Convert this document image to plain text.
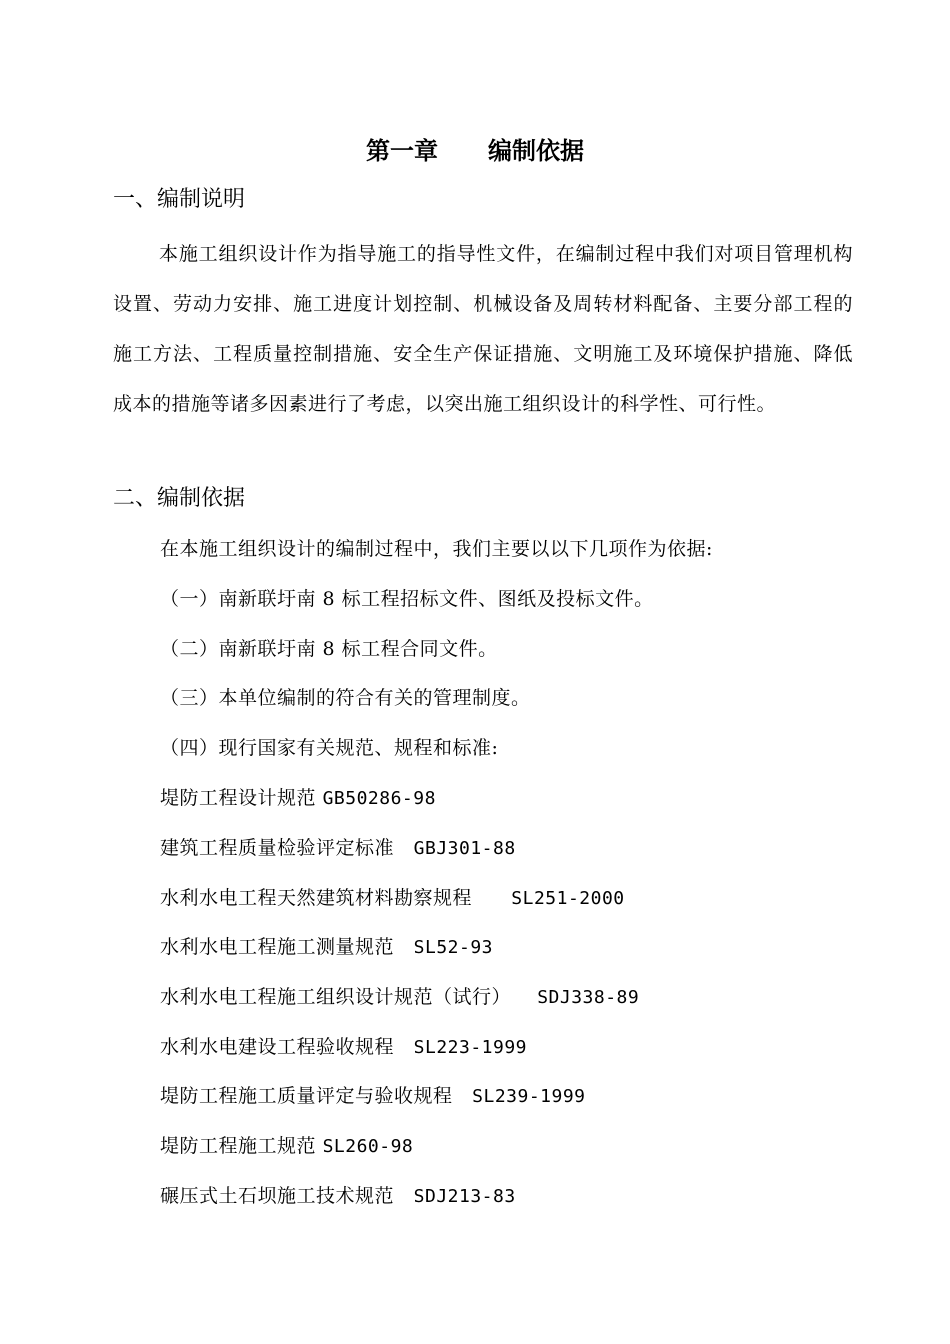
第一章 编制依据
一、编制说明
本施工组织设计作为指导施工的指导性文件，在编制过程中我们对项目管理机构设置、劳动力安排、施工进度计划控制、机械设备及周转材料配备、主要分部工程的施工方法、工程质量控制措施、安全生产保证措施、文明施工及环境保护措施、降低成本的措施等诸多因素进行了考虑，以突出施工组织设计的科学性、可行性。
二、编制依据
在本施工组织设计的编制过程中，我们主要以以下几项作为依据:
（一）南新联圩南 8 标工程招标文件、图纸及投标文件。
（二）南新联圩南 8 标工程合同文件。
（三）本单位编制的符合有关的管理制度。
（四）现行国家有关规范、规程和标准:
堤防工程设计规范 GB50286-98
建筑工程质量检验评定标准 GBJ301-88
水利水电工程天然建筑材料勘察规程 SL251-2000
水利水电工程施工测量规范 SL52-93
水利水电工程施工组织设计规范（试行） SDJ338-89
水利水电建设工程验收规程 SL223-1999
堤防工程施工质量评定与验收规程 SL239-1999
堤防工程施工规范 SL260-98
碾压式土石坝施工技术规范 SDJ213-83
